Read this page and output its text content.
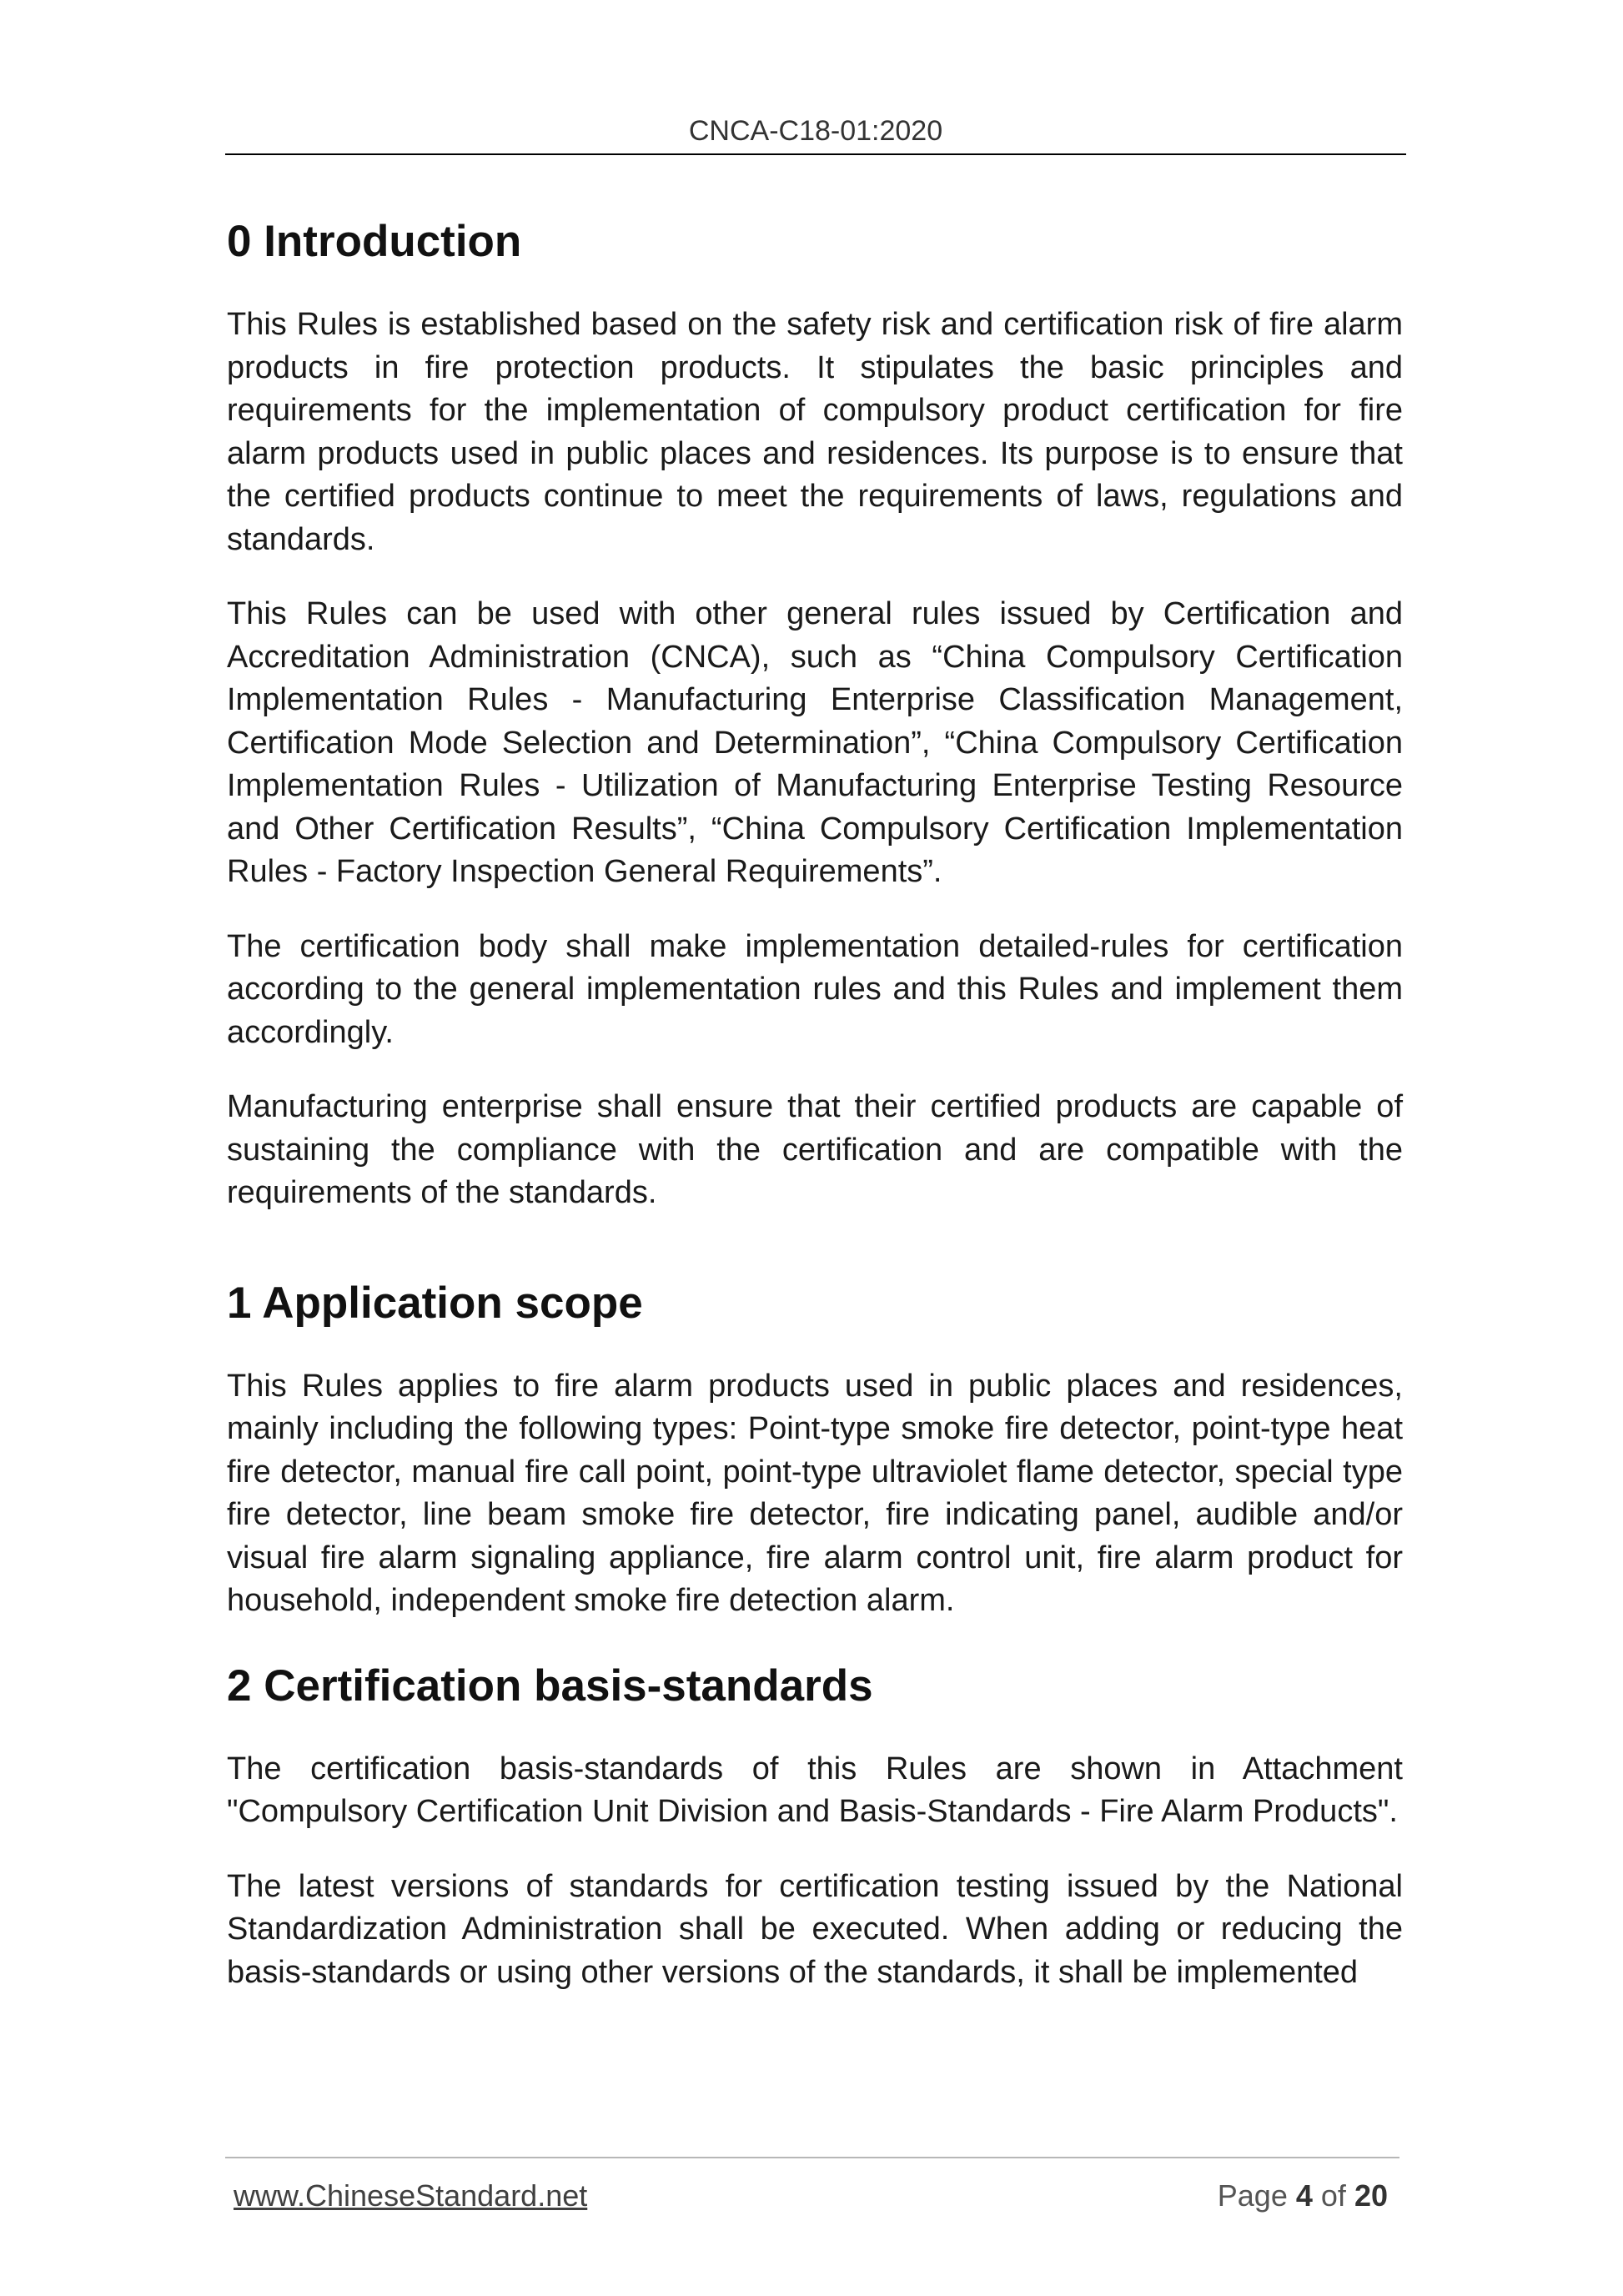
CNCA-C18-01:2020
0 Introduction

This Rules is established based on the safety risk and certification risk of fire alarm products in fire protection products. It stipulates the basic principles and requirements for the implementation of compulsory product certification for fire alarm products used in public places and residences. Its purpose is to ensure that the certified products continue to meet the requirements of laws, regulations and standards.

This Rules can be used with other general rules issued by Certification and Accreditation Administration (CNCA), such as “China Compulsory Certification Implementation Rules - Manufacturing Enterprise Classification Management, Certification Mode Selection and Determination”, “China Compulsory Certification Implementation Rules - Utilization of Manufacturing Enterprise Testing Resource and Other Certification Results”, “China Compulsory Certification Implementation Rules - Factory Inspection General Requirements”.

The certification body shall make implementation detailed-rules for certification according to the general implementation rules and this Rules and implement them accordingly.

Manufacturing enterprise shall ensure that their certified products are capable of sustaining the compliance with the certification and are compatible with the requirements of the standards.

1 Application scope

This Rules applies to fire alarm products used in public places and residences, mainly including the following types: Point-type smoke fire detector, point-type heat fire detector, manual fire call point, point-type ultraviolet flame detector, special type fire detector, line beam smoke fire detector, fire indicating panel, audible and/or visual fire alarm signaling appliance, fire alarm control unit, fire alarm product for household, independent smoke fire detection alarm.

2 Certification basis-standards

The certification basis-standards of this Rules are shown in Attachment "Compulsory Certification Unit Division and Basis-Standards - Fire Alarm Products".

The latest versions of standards for certification testing issued by the National Standardization Administration shall be executed. When adding or reducing the basis-standards or using other versions of the standards, it shall be implemented

www.ChineseStandard.net	Page 4 of 20
